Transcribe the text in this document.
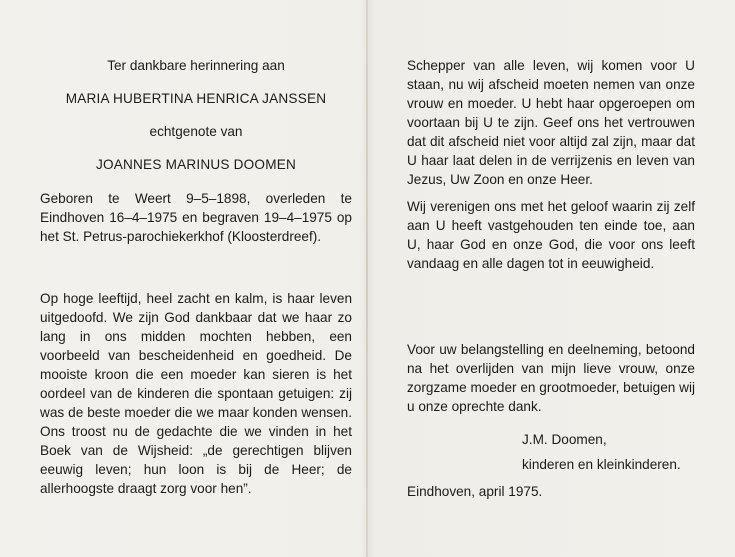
Ter dankbare herinnering aan

MARIA HUBERTINA HENRICA JANSSEN

echtgenote van

JOANNES MARINUS DOOMEN

Geboren te Weert 9–5–1898, overleden te Eindhoven 16–4–1975 en begraven 19–4–1975 op het St. Petrus-parochiekerkhof (Kloosterdreef).

Op hoge leeftijd, heel zacht en kalm, is haar leven uitgedoofd. We zijn God dankbaar dat we haar zo lang in ons midden mochten hebben, een voorbeeld van bescheidenheid en goedheid. De mooiste kroon die een moeder kan sieren is het oordeel van de kinderen die spontaan getuigen: zij was de beste moeder die we maar konden wensen. Ons troost nu de gedachte die we vinden in het Boek van de Wijsheid: „de gerechtigen blijven eeuwig leven; hun loon is bij de Heer; de allerhoogste draagt zorg voor hen”.

Schepper van alle leven, wij komen voor U staan, nu wij afscheid moeten nemen van onze vrouw en moeder. U hebt haar opgeroepen om voortaan bij U te zijn. Geef ons het vertrouwen dat dit afscheid niet voor altijd zal zijn, maar dat U haar laat delen in de verrijzenis en leven van Jezus, Uw Zoon en onze Heer.

Wij verenigen ons met het geloof waarin zij zelf aan U heeft vastgehouden ten einde toe, aan U, haar God en onze God, die voor ons leeft vandaag en alle dagen tot in eeuwigheid.

Voor uw belangstelling en deelneming, betoond na het overlijden van mijn lieve vrouw, onze zorgzame moeder en grootmoeder, betuigen wij u onze oprechte dank.

J.M. Doomen,

kinderen en kleinkinderen.

Eindhoven, april 1975.
